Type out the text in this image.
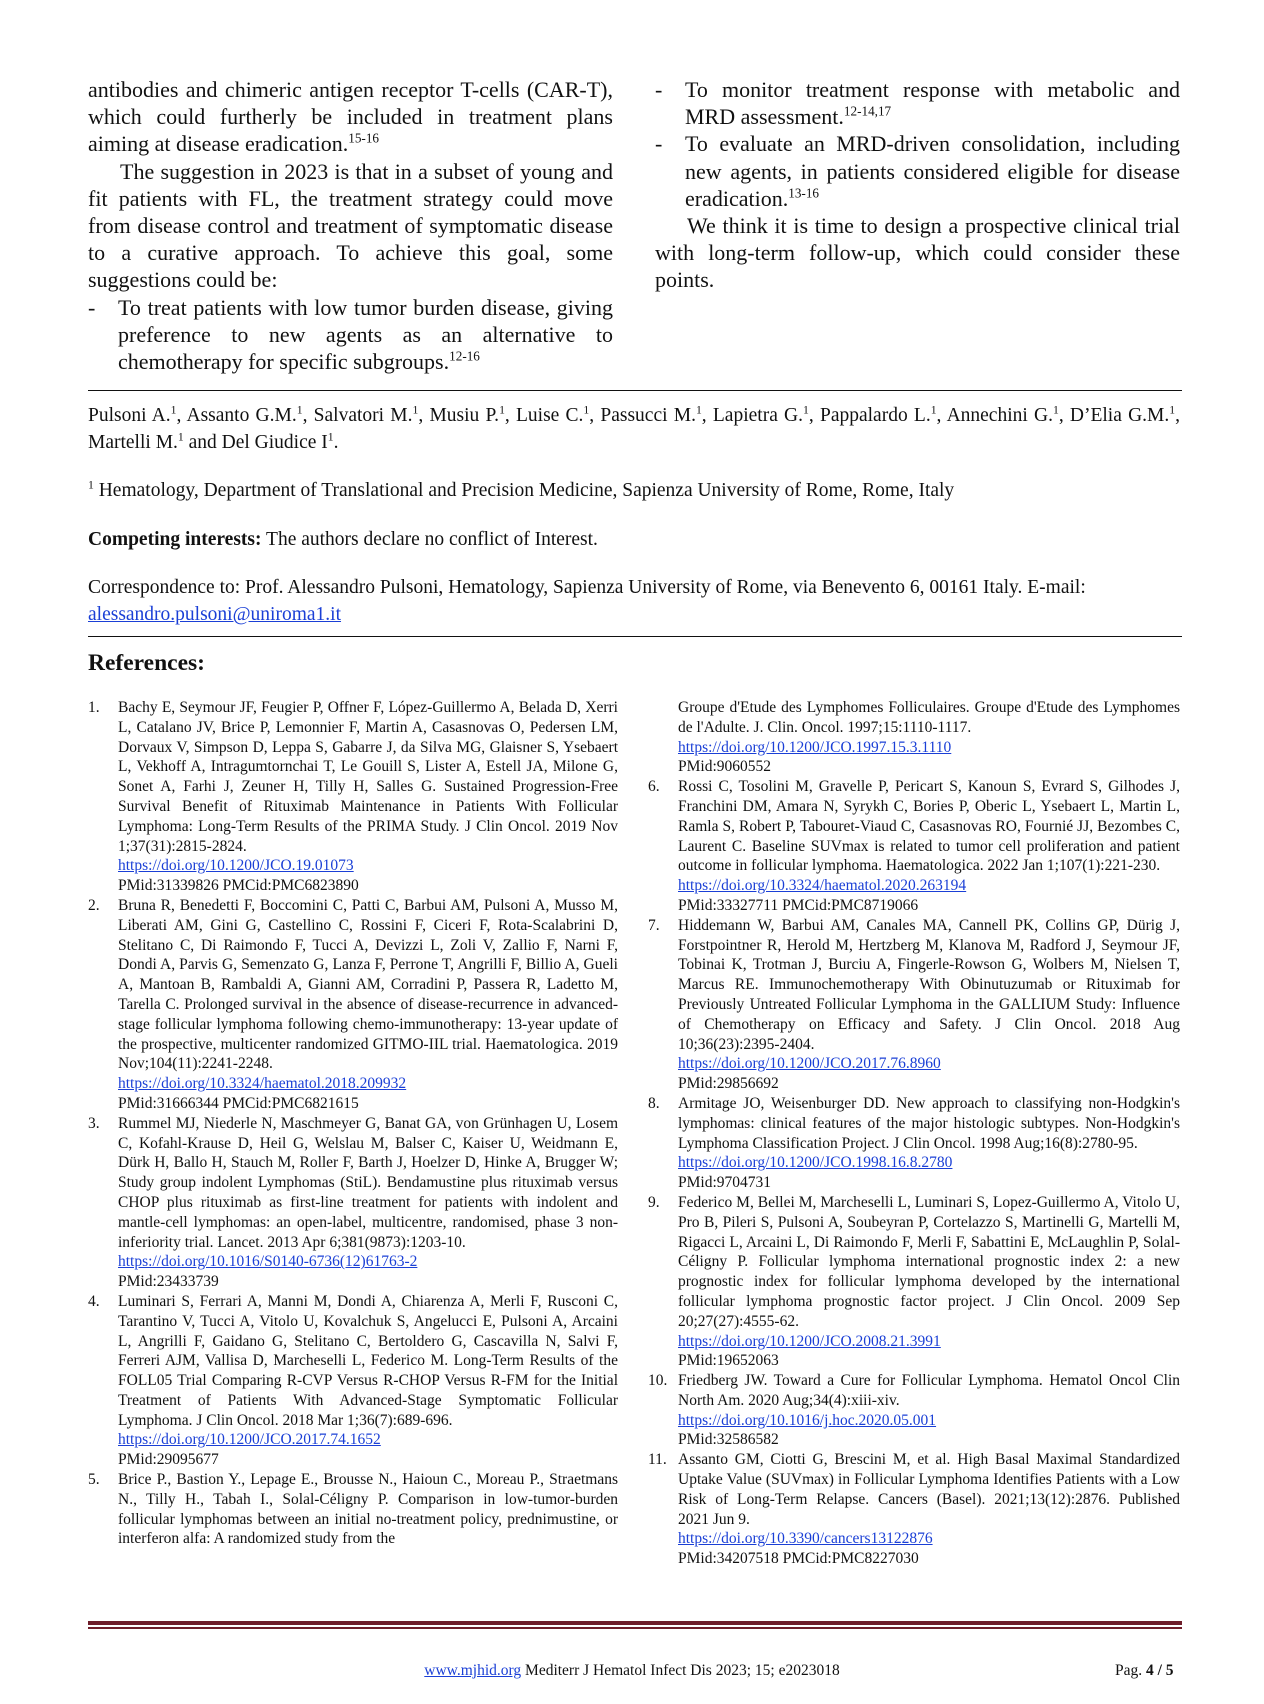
antibodies and chimeric antigen receptor T-cells (CAR-T), which could furtherly be included in treatment plans aiming at disease eradication.$^{15-16}$

The suggestion in 2023 is that in a subset of young and fit patients with FL, the treatment strategy could move from disease control and treatment of symptomatic disease to a curative approach. To achieve this goal, some suggestions could be:

- To treat patients with low tumor burden disease, giving preference to new agents as an alternative to chemotherapy for specific subgroups.$^{12-16}$

- To monitor treatment response with metabolic and MRD assessment.$^{12-14,17}$

- To evaluate an MRD-driven consolidation, including new agents, in patients considered eligible for disease eradication.$^{13-16}$

We think it is time to design a prospective clinical trial with long-term follow-up, which could consider these points.

Pulsoni A.$^1$, Assanto G.M.$^1$, Salvatori M.$^1$, Musiu P.$^1$, Luise C.$^1$, Passucci M.$^1$, Lapietra G.$^1$, Pappalardo L.$^1$, Annechini G.$^1$, D’Elia G.M.$^1$, Martelli M.$^1$ and Del Giudice $I^1$.
$^1$ Hematology, Department of Translational and Precision Medicine, Sapienza University of Rome, Rome, Italy
Competing interests: The authors declare no conflict of Interest.
Correspondence to: Prof. Alessandro Pulsoni, Hematology, Sapienza University of Rome, via Benevento 6, 00161 Italy. E-mail:
alessandro.pulsoni@uniroma1.it
References:
1. Bachy E, Seymour JF, Feugier P, Offner F, López-Guillermo A, Belada D, Xerri L, Catalano JV, Brice P, Lemonnier F, Martin A, Casasnovas O, Pedersen LM, Dorvaux V, Simpson D, Leppa S, Gabarre J, da Silva MG, Glaisner S, Ysebaert L, Vekhoff A, Intragumtornchai T, Le Gouill S, Lister A, Estell JA, Milone G, Sonet A, Farhi J, Zeuner H, Tilly H, Salles G. Sustained Progression-Free Survival Benefit of Rituximab Maintenance in Patients With Follicular Lymphoma: Long-Term Results of the PRIMA Study. J Clin Oncol. 2019 Nov 1;37(31):2815-2824.
https://doi.org/10.1200/JCO.19.01073
PMid:31339826 PMCid:PMC6823890
2. Bruna R, Benedetti F, Boccomini C, Patti C, Barbui AM, Pulsoni A, Musso M, Liberati AM, Gini G, Castellino C, Rossini F, Ciceri F, Rota-Scalabrini D, Stelitano C, Di Raimondo F, Tucci A, Devizzi L, Zoli V, Zallio F, Narni F, Dondi A, Parvis G, Semenzato G, Lanza F, Perrone T, Angrilli F, Billio A, Gueli A, Mantoan B, Rambaldi A, Gianni AM, Corradini P, Passera R, Ladetto M, Tarella C. Prolonged survival in the absence of disease-recurrence in advanced-stage follicular lymphoma following chemo-immunotherapy: 13-year update of the prospective, multicenter randomized GITMO-IIL trial. Haematologica. 2019 Nov;104(11):2241-2248.
https://doi.org/10.3324/haematol.2018.209932
PMid:31666344 PMCid:PMC6821615
3. Rummel MJ, Niederle N, Maschmeyer G, Banat GA, von Grünhagen U, Losem C, Kofahl-Krause D, Heil G, Welslau M, Balser C, Kaiser U, Weidmann E, Dürk H, Ballo H, Stauch M, Roller F, Barth J, Hoelzer D, Hinke A, Brugger W; Study group indolent Lymphomas (StiL). Bendamustine plus rituximab versus CHOP plus rituximab as first-line treatment for patients with indolent and mantle-cell lymphomas: an open-label, multicentre, randomised, phase 3 non-inferiority trial. Lancet. 2013 Apr 6;381(9873):1203-10.
https://doi.org/10.1016/S0140-6736(12)61763-2
PMid:23433739
4. Luminari S, Ferrari A, Manni M, Dondi A, Chiarenza A, Merli F, Rusconi C, Tarantino V, Tucci A, Vitolo U, Kovalchuk S, Angelucci E, Pulsoni A, Arcaini L, Angrilli F, Gaidano G, Stelitano C, Bertoldero G, Cascavilla N, Salvi F, Ferreri AJM, Vallisa D, Marcheselli L, Federico M. Long-Term Results of the FOLL05 Trial Comparing R-CVP Versus R-CHOP Versus R-FM for the Initial Treatment of Patients With Advanced-Stage Symptomatic Follicular Lymphoma. J Clin Oncol. 2018 Mar 1;36(7):689-696.
https://doi.org/10.1200/JCO.2017.74.1652
PMid:29095677
5. Brice P., Bastion Y., Lepage E., Brousse N., Haioun C., Moreau P., Straetmans N., Tilly H., Tabah I., Solal-Céligny P. Comparison in low-tumor-burden follicular lymphomas between an initial no-treatment policy, prednimustine, or interferon alfa: A randomized study from the
Groupe d'Etude des Lymphomes Folliculaires. Groupe d'Etude des Lymphomes de l'Adulte. J. Clin. Oncol. 1997;15:1110-1117.
https://doi.org/10.1200/JCO.1997.15.3.1110
PMid:9060552
6. Rossi C, Tosolini M, Gravelle P, Pericart S, Kanoun S, Evrard S, Gilhodes J, Franchini DM, Amara N, Syrykh C, Bories P, Oberic L, Ysebaert L, Martin L, Ramla S, Robert P, Tabouret-Viaud C, Casasnovas RO, Fournié JJ, Bezombes C, Laurent C. Baseline SUVmax is related to tumor cell proliferation and patient outcome in follicular lymphoma. Haematologica. 2022 Jan 1;107(1):221-230.
https://doi.org/10.3324/haematol.2020.263194
PMid:33327711 PMCid:PMC8719066
7. Hiddemann W, Barbui AM, Canales MA, Cannell PK, Collins GP, Dürig J, Forstpointner R, Herold M, Hertzberg M, Klanova M, Radford J, Seymour JF, Tobinai K, Trotman J, Burciu A, Fingerle-Rowson G, Wolbers M, Nielsen T, Marcus RE. Immunochemotherapy With Obinutuzumab or Rituximab for Previously Untreated Follicular Lymphoma in the GALLIUM Study: Influence of Chemotherapy on Efficacy and Safety. J Clin Oncol. 2018 Aug 10;36(23):2395-2404.
https://doi.org/10.1200/JCO.2017.76.8960
PMid:29856692
8. Armitage JO, Weisenburger DD. New approach to classifying non-Hodgkin's lymphomas: clinical features of the major histologic subtypes. Non-Hodgkin's Lymphoma Classification Project. J Clin Oncol. 1998 Aug;16(8):2780-95.
https://doi.org/10.1200/JCO.1998.16.8.2780
PMid:9704731
9. Federico M, Bellei M, Marcheselli L, Luminari S, Lopez-Guillermo A, Vitolo U, Pro B, Pileri S, Pulsoni A, Soubeyran P, Cortelazzo S, Martinelli G, Martelli M, Rigacci L, Arcaini L, Di Raimondo F, Merli F, Sabattini E, McLaughlin P, Solal-Céligny P. Follicular lymphoma international prognostic index 2: a new prognostic index for follicular lymphoma developed by the international follicular lymphoma prognostic factor project. J Clin Oncol. 2009 Sep 20;27(27):4555-62.
https://doi.org/10.1200/JCO.2008.21.3991
PMid:19652063
10. Friedberg JW. Toward a Cure for Follicular Lymphoma. Hematol Oncol Clin North Am. 2020 Aug;34(4):xiii-xiv.
https://doi.org/10.1016/j.hoc.2020.05.001
PMid:32586582
11. Assanto GM, Ciotti G, Brescini M, et al. High Basal Maximal Standardized Uptake Value (SUVmax) in Follicular Lymphoma Identifies Patients with a Low Risk of Long-Term Relapse. Cancers (Basel). 2021;13(12):2876. Published 2021 Jun 9.
https://doi.org/10.3390/cancers13122876
PMid:34207518 PMCid:PMC8227030
www.mjhid.org Mediterr J Hematol Infect Dis 2023; 15; e2023018	Pag. 4 / 5
